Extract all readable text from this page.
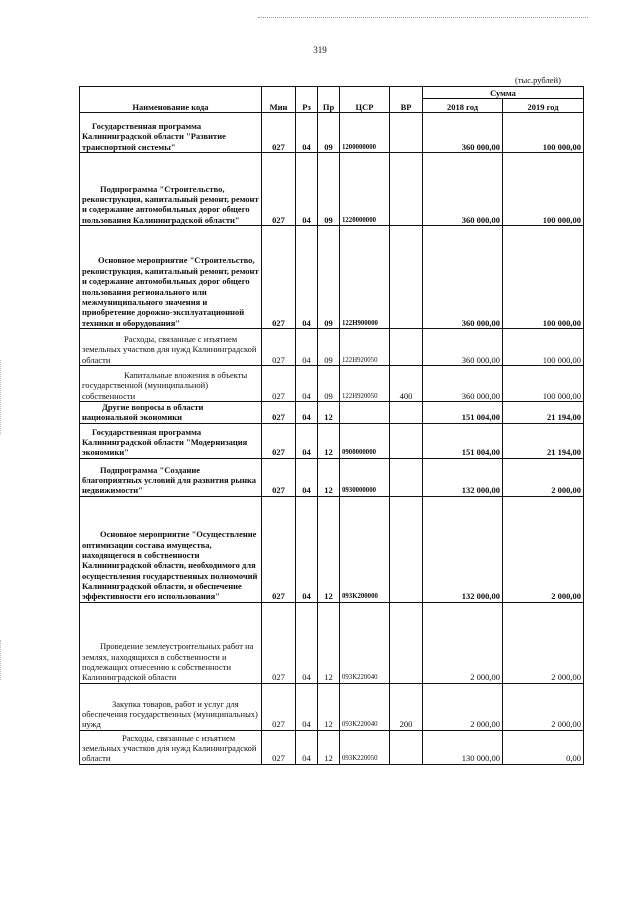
319
(тыс.рублей)
Наименование кода	Мин	Рз	Пр	ЦСР	ВР	Сумма	
						2018 год	2019 год
Государственная программа Калининградской области "Развитие транспортной системы"	027	04	09	1200000000		360 000,00	100 000,00
Подпрограмма "Строительство, реконструкция, капитальный ремонт, ремонт и содержание автомобильных дорог общего пользования Калининградской области"	027	04	09	1220000000		360 000,00	100 000,00
Основное мероприятие "Строительство, реконструкция, капитальный ремонт, ремонт и содержание автомобильных дорог общего пользования регионального или межмуниципального значения и приобретение дорожно-эксплуатационной техники и оборудования"	027	04	09	122H900000		360 000,00	100 000,00
Расходы, связанные с изъятием земельных участков для нужд Калининградской области	027	04	09	122H920050		360 000,00	100 000,00
Капитальные вложения в объекты государственной (муниципальной) собственности	027	04	09	122H920050	400	360 000,00	100 000,00
Другие вопросы в области национальной экономики	027	04	12			151 004,00	21 194,00
Государственная программа Калининградской области "Модернизация экономики"	027	04	12	0900000000		151 004,00	21 194,00
Подпрограмма "Создание благоприятных условий для развития рынка недвижимости"	027	04	12	0930000000		132 000,00	2 000,00
Основное мероприятие "Осуществление оптимизации состава имущества, находящегося в собственности Калининградской области, необходимого для осуществления государственных полномочий Калининградской области, и обеспечение эффективности его использования"	027	04	12	093K200000		132 000,00	2 000,00
Проведение землеустроительных работ на землях, находящихся в собственности и подлежащих отнесению к собственности Калининградской области	027	04	12	093K220040		2 000,00	2 000,00
Закупка товаров, работ и услуг для обеспечения государственных (муниципальных) нужд	027	04	12	093K220040	200	2 000,00	2 000,00
Расходы, связанные с изъятием земельных участков для нужд Калининградской области	027	04	12	093K220050		130 000,00	0,00
